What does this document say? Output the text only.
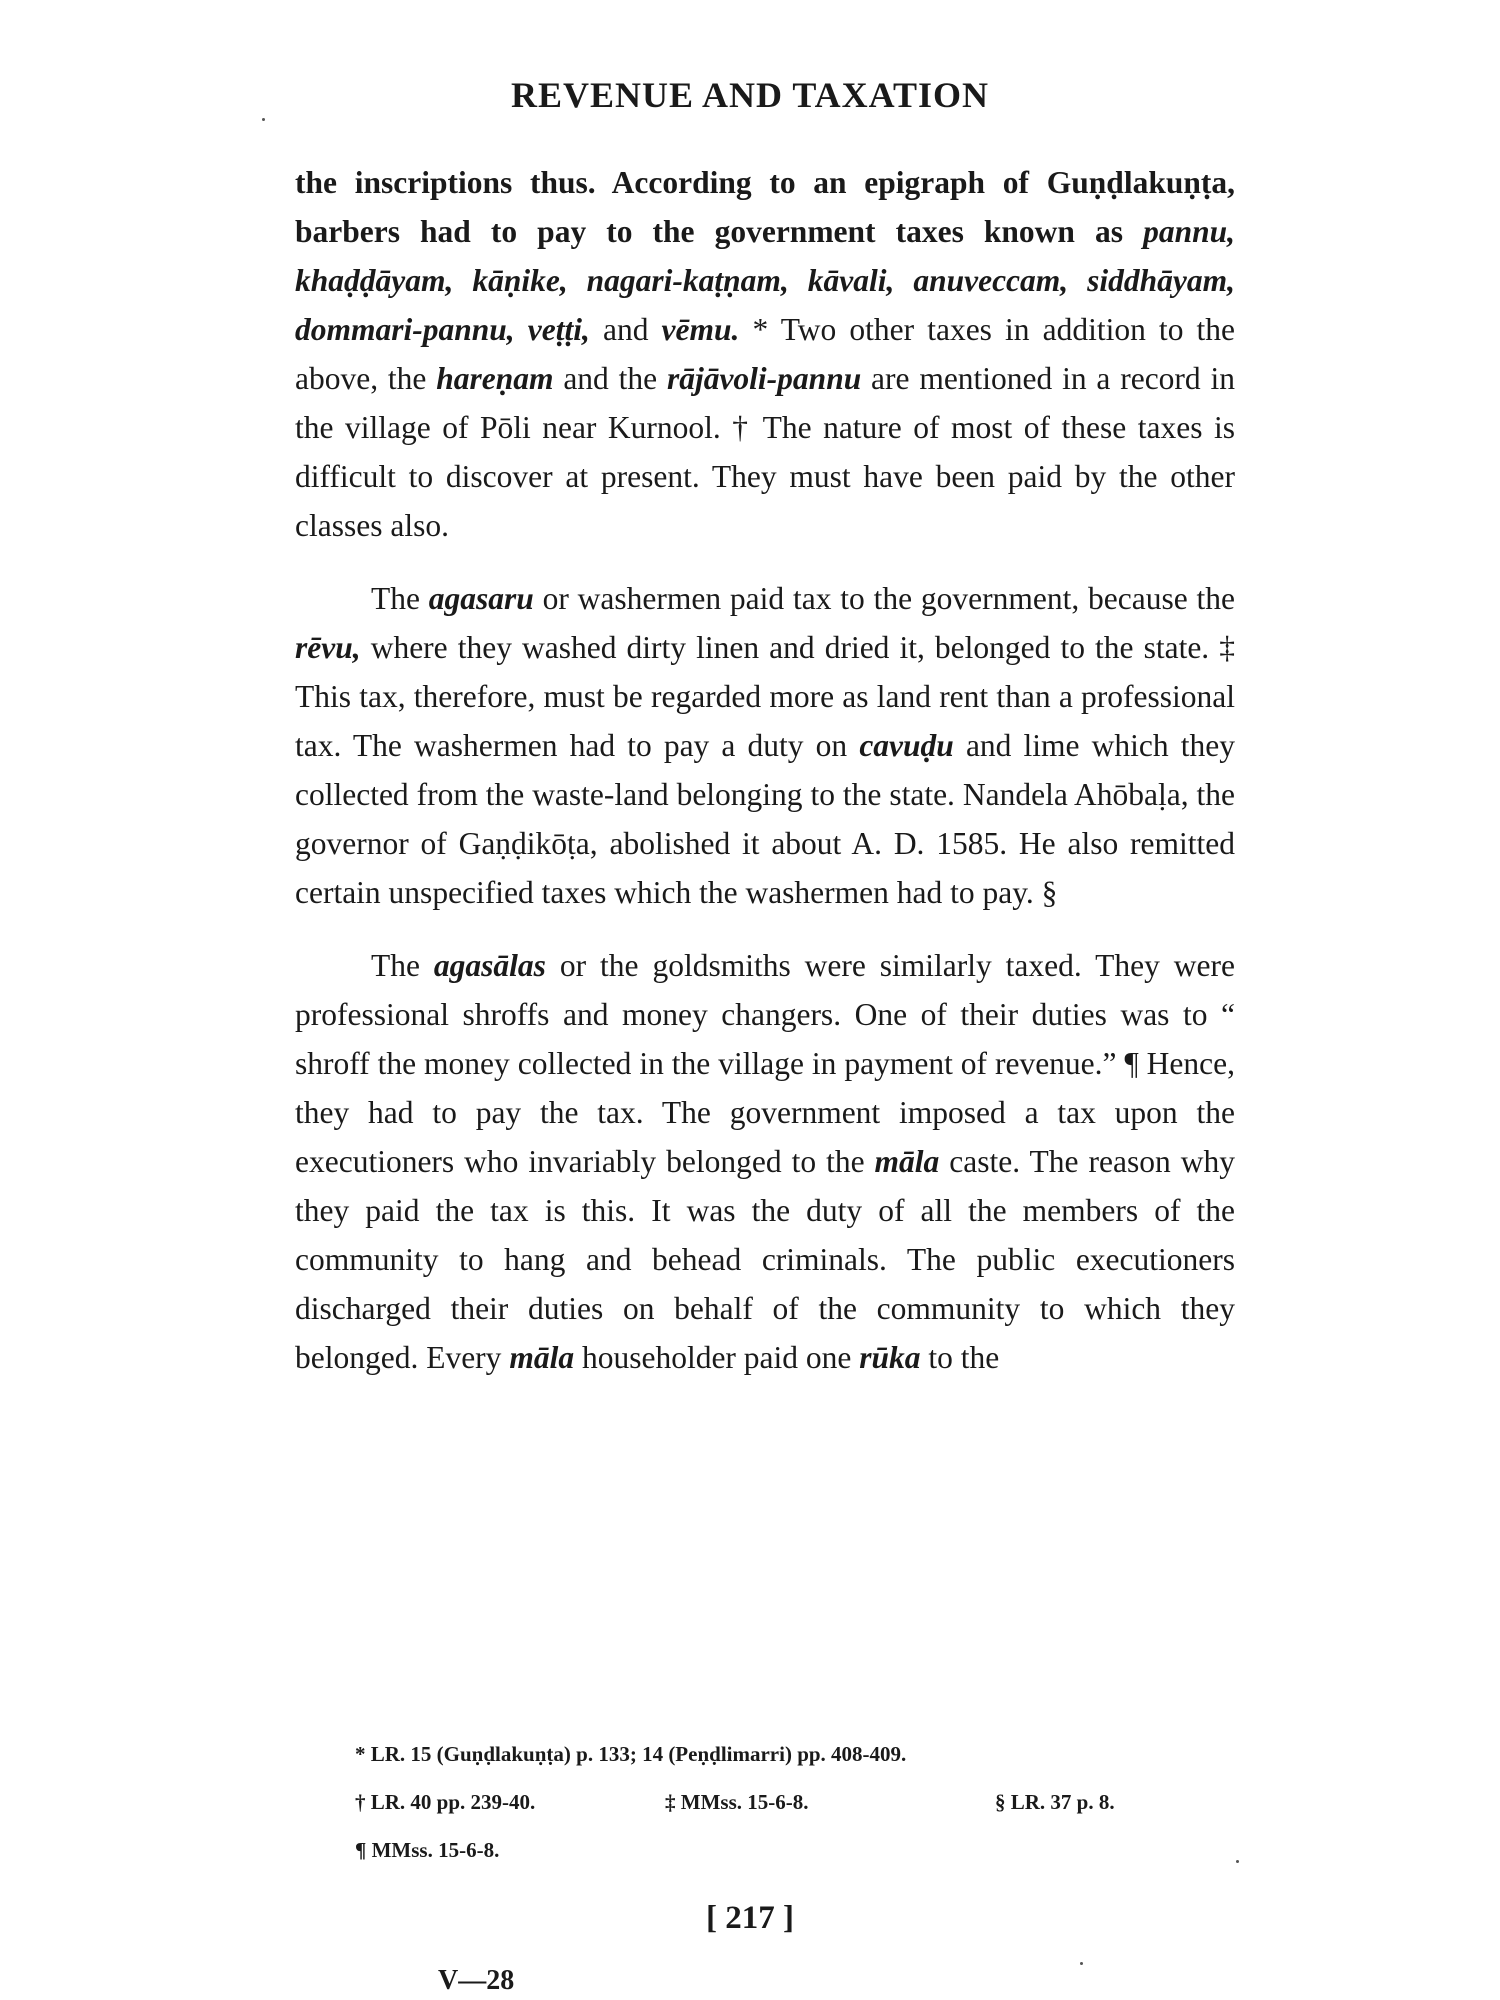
REVENUE AND TAXATION

the inscriptions thus. According to an epigraph of Guṇḍlakuṇṭa, barbers had to pay to the government taxes known as pannu, khaḍḍāyam, kāṇike, nagari-kaṭṇam, kāvali, anuveccam, siddhāyam, dommari-pannu, veṭṭi, and vēmu. * Two other taxes in addition to the above, the hareṇam and the rājāvoli-pannu are mentioned in a record in the village of Pōli near Kurnool. † The nature of most of these taxes is difficult to discover at present. They must have been paid by the other classes also.

The agasaru or washermen paid tax to the government, because the rēvu, where they washed dirty linen and dried it, belonged to the state. ‡ This tax, therefore, must be regarded more as land rent than a professional tax. The washermen had to pay a duty on cavuḍu and lime which they collected from the waste-land belonging to the state. Nandela Ahōbaḷa, the governor of Gaṇḍikōṭa, abolished it about A. D. 1585. He also remitted certain unspecified taxes which the washermen had to pay. §

The agasālas or the goldsmiths were similarly taxed. They were professional shroffs and money changers. One of their duties was to “ shroff the money collected in the village in payment of revenue.” ¶ Hence, they had to pay the tax. The government imposed a tax upon the executioners who invariably belonged to the māla caste. The reason why they paid the tax is this. It was the duty of all the members of the community to hang and behead criminals. The public executioners discharged their duties on behalf of the community to which they belonged. Every māla householder paid one rūka to the

* LR. 15 (Guṇḍlakuṇṭa) p. 133; 14 (Peṇḍlimarri) pp. 408-409.
† LR. 40 pp. 239-40.	‡ MMss. 15-6-8.	§ LR. 37 p. 8.
¶ MMss. 15-6-8.
[ 217 ]
V—28
